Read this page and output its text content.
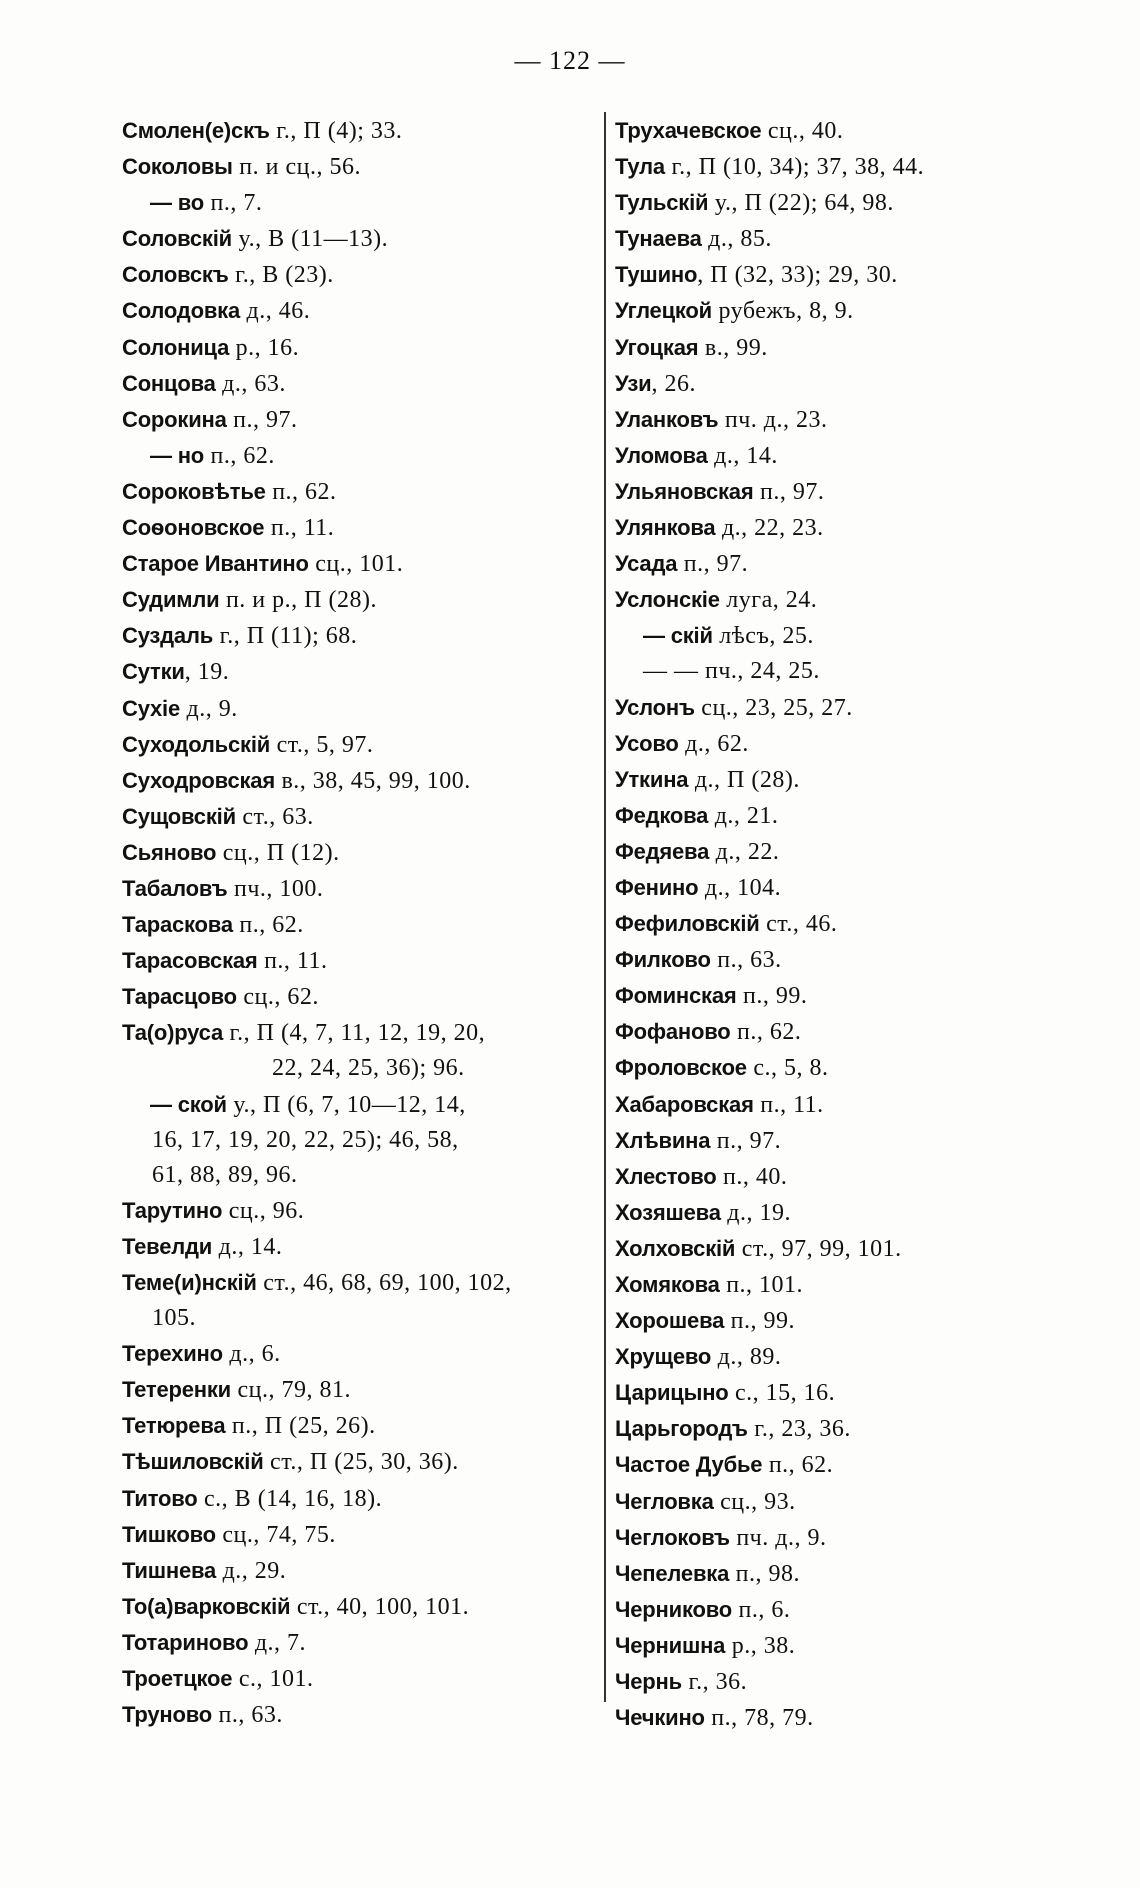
— 122 —
Смолен(е)скъ г., П (4); 33.
Соколовы п. и сц., 56.
— во п., 7.
Соловскій у., В (11—13).
Соловскъ г., В (23).
Солодовка д., 46.
Солоница р., 16.
Сонцова д., 63.
Сорокина п., 97.
— но п., 62.
Сороковѣтье п., 62.
Соѳоновское п., 11.
Старое Ивантино сц., 101.
Судимли п. и р., П (28).
Суздаль г., П (11); 68.
Сутки, 19.
Сухіе д., 9.
Суходольскій ст., 5, 97.
Суходровская в., 38, 45, 99, 100.
Сущовскій ст., 63.
Сьяново сц., П (12).
Табаловъ пч., 100.
Тараскова п., 62.
Тарасовская п., 11.
Тарасцово сц., 62.
Та(о)руса г., П (4, 7, 11, 12, 19, 20,
22, 24, 25, 36); 96.
— ской у., П (6, 7, 10—12, 14,
16, 17, 19, 20, 22, 25); 46, 58,
61, 88, 89, 96.
Тарутино сц., 96.
Тевелди д., 14.
Теме(и)нскій ст., 46, 68, 69, 100, 102,
105.
Терехино д., 6.
Тетеренки сц., 79, 81.
Тетюрева п., П (25, 26).
Тѣшиловскій ст., П (25, 30, 36).
Титово с., В (14, 16, 18).
Тишково сц., 74, 75.
Тишнева д., 29.
То(а)варковскій ст., 40, 100, 101.
Тотариново д., 7.
Троетцкое с., 101.
Труново п., 63.
Трухачевское сц., 40.
Тула г., П (10, 34); 37, 38, 44.
Тульскій у., П (22); 64, 98.
Тунаева д., 85.
Тушино, П (32, 33); 29, 30.
Углецкой рубежъ, 8, 9.
Угоцкая в., 99.
Узи, 26.
Уланковъ пч. д., 23.
Уломова д., 14.
Ульяновская п., 97.
Улянкова д., 22, 23.
Усада п., 97.
Услонскіе луга, 24.
— скій лѣсъ, 25.
— — пч., 24, 25.
Услонъ сц., 23, 25, 27.
Усово д., 62.
Уткина д., П (28).
Федкова д., 21.
Федяева д., 22.
Фенино д., 104.
Фефиловскій ст., 46.
Филково п., 63.
Фоминская п., 99.
Фофаново п., 62.
Фроловское с., 5, 8.
Хабаровская п., 11.
Хлѣвина п., 97.
Хлестово п., 40.
Хозяшева д., 19.
Холховскій ст., 97, 99, 101.
Хомякова п., 101.
Хорошева п., 99.
Хрущево д., 89.
Царицыно с., 15, 16.
Царьгородъ г., 23, 36.
Частое Дубье п., 62.
Чегловка сц., 93.
Чеглоковъ пч. д., 9.
Чепелевка п., 98.
Черниково п., 6.
Чернишна р., 38.
Чернь г., 36.
Чечкино п., 78, 79.
